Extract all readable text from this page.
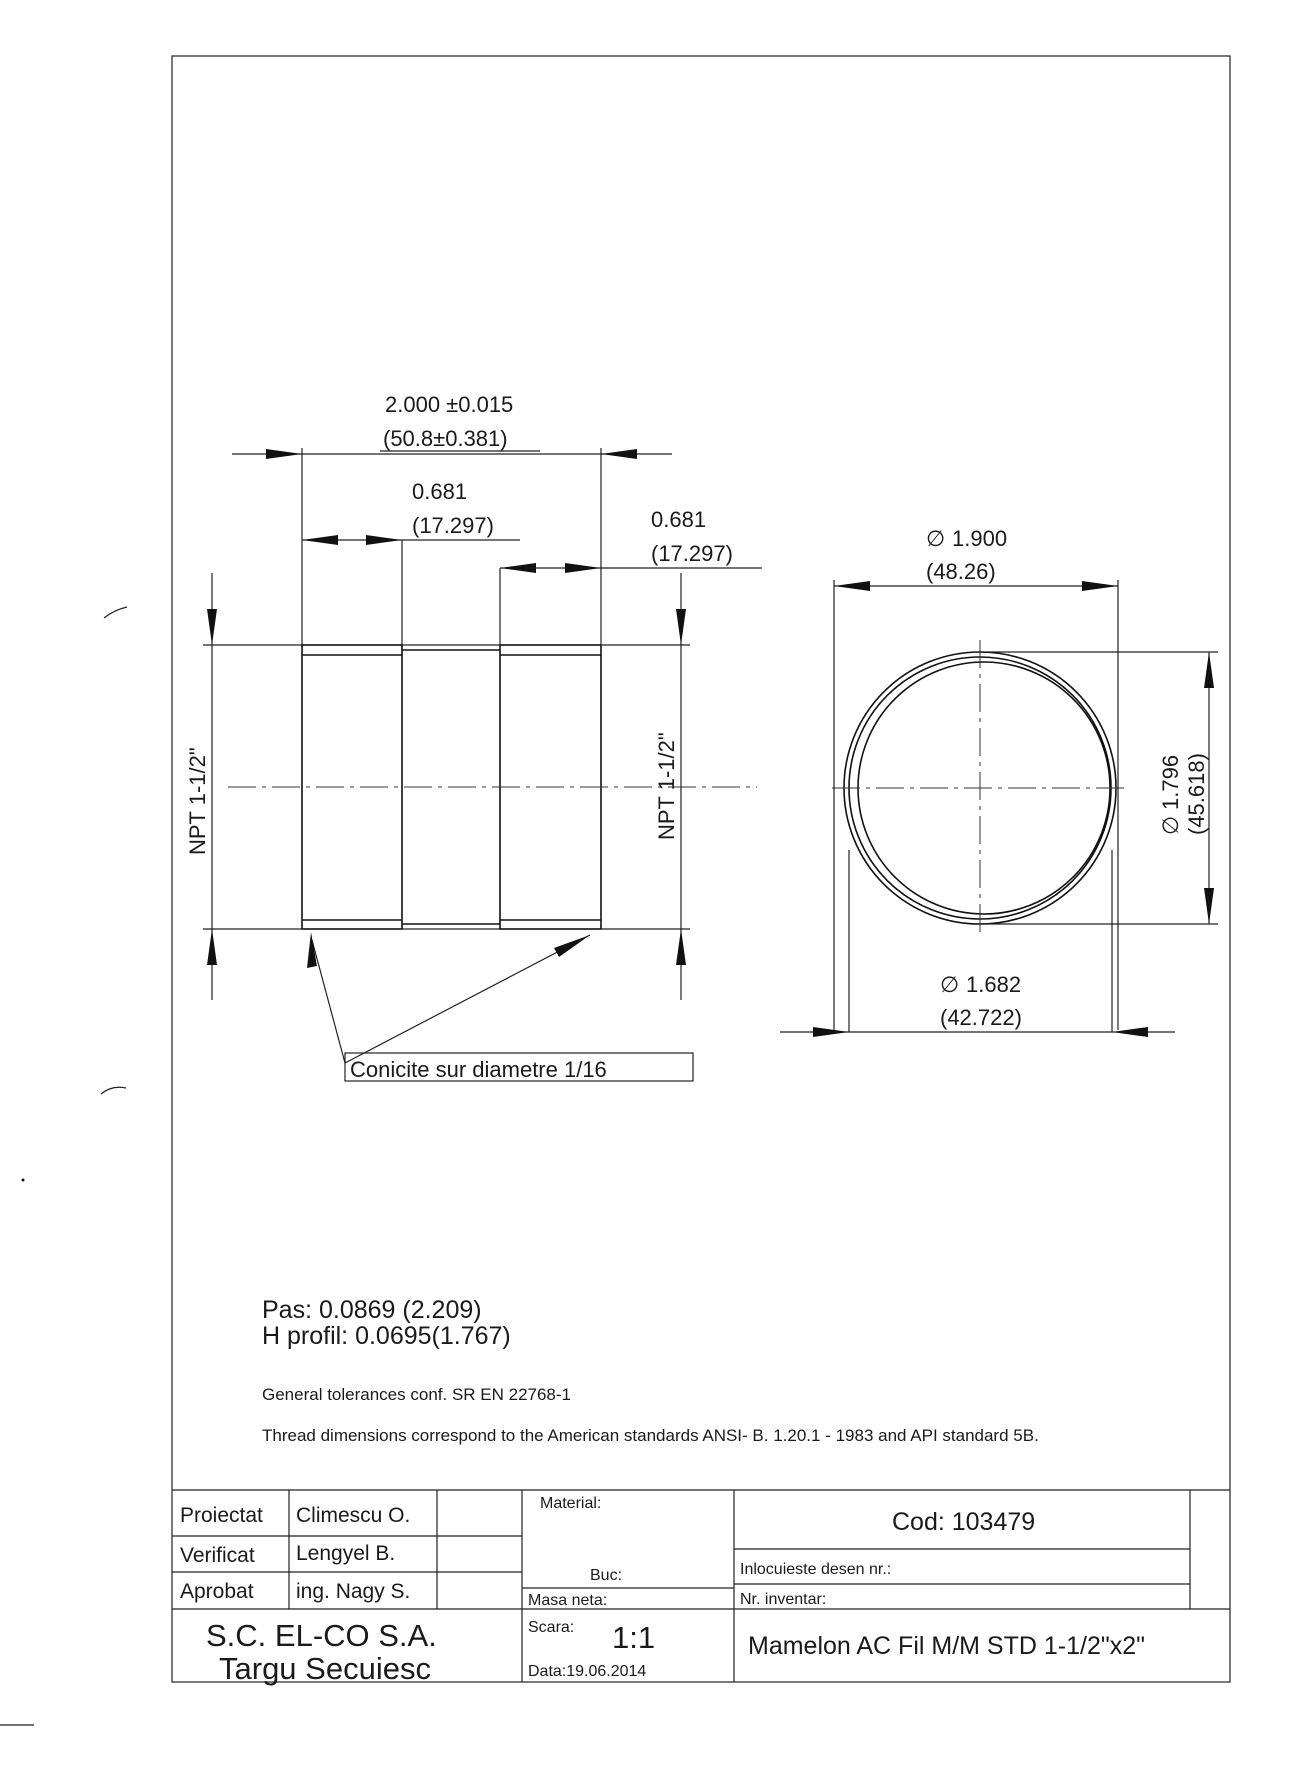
2.000 ±0.015
(50.8±0.381)
0.681
(17.297)	0.681
(17.297)
NPT 1-1/2"	NPT 1-1/2"
Conicite sur diametre 1/16
∅ 1.900
(48.26)
∅
1.796 (45.618)
∅ 1.682
(42.722)
Pas: 0.0869 (2.209)
H profil: 0.0695(1.767)
General tolerances conf. SR EN 22768-1
Thread dimensions correspond to the American standards ANSI- B. 1.20.1 - 1983 and API standard 5B.
Proiectat Climescu O.
Verificat Lengyel B.
Aprobat ing. Nagy S.
S.C. EL-CO S.A.
Targu Secuiesc
Material:
Buc:
Masa neta:
Scara: 1:1
Data:19.06.2014
Cod: 103479
Inlocuieste desen nr.:
Nr. inventar:
Mamelon AC Fil M/M STD 1-1/2"x2"
